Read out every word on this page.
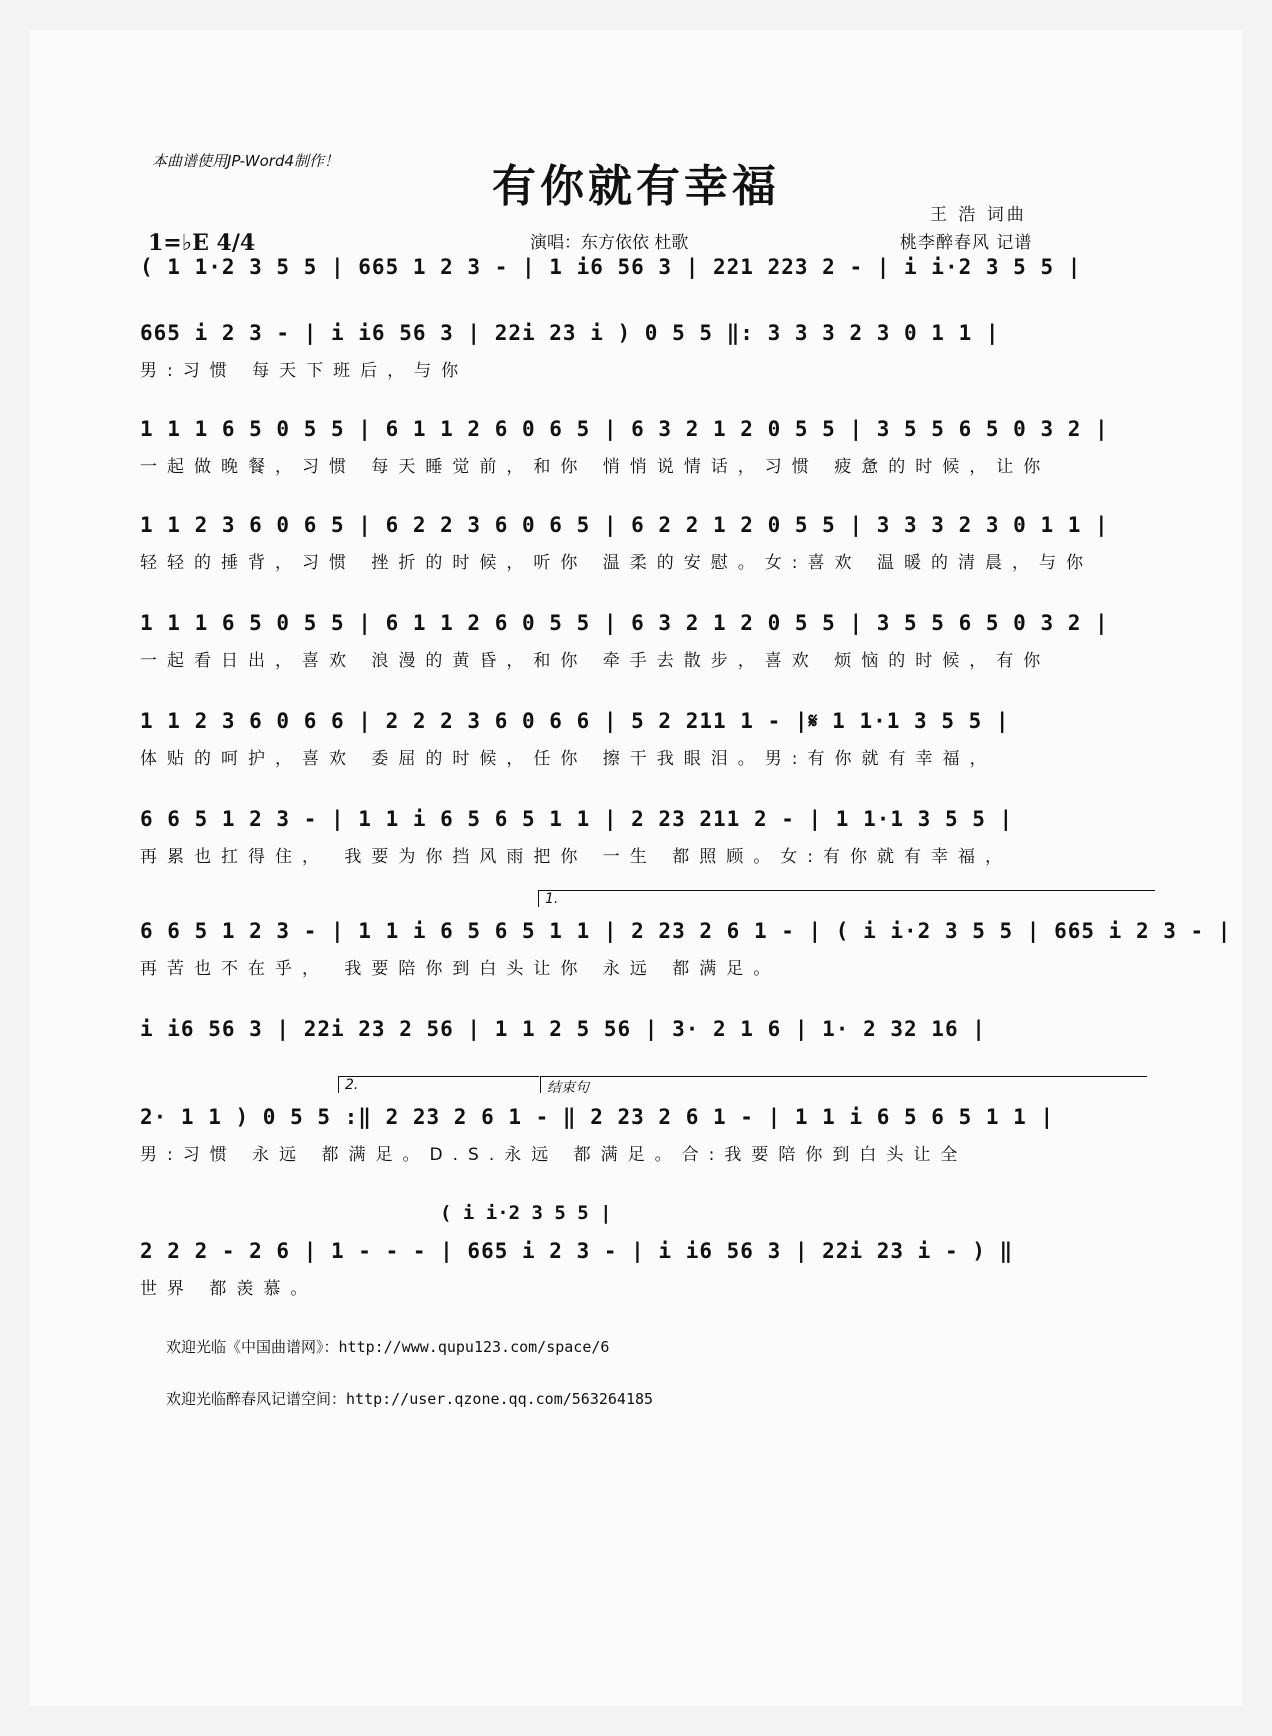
本曲谱使用JP-Word4制作！	有你就有幸福
王 浩 词曲
1=♭E 4/4	演唱：东方依依 杜歌	桃李醉春风 记谱
( 1 1·2 3 5 5 | 665 1 2 3 - | 1 i6 56 3 | 221 223 2 - | i i·2 3 5 5 |
665 i 2 3 - | i i6 56 3 | 22i 23 i ) 0 5 5 ‖: 3 3 3 2 3 0 1 1 |
男:习惯 每天下班后，与你
1 1 1 6 5 0 5 5 | 6 1 1 2 6 0 6 5 | 6 3 2 1 2 0 5 5 | 3 5 5 6 5 0 3 2 |
一起做晚餐，习惯 每天睡觉前，和你 悄悄说情话，习惯 疲惫的时候，让你
1 1 2 3 6 0 6 5 | 6 2 2 3 6 0 6 5 | 6 2 2 1 2 0 5 5 | 3 3 3 2 3 0 1 1 |
轻轻的捶背，习惯 挫折的时候，听你 温柔的安慰。女:喜欢 温暖的清晨，与你
1 1 1 6 5 0 5 5 | 6 1 1 2 6 0 5 5 | 6 3 2 1 2 0 5 5 | 3 5 5 6 5 0 3 2 |
一起看日出，喜欢 浪漫的黄昏，和你 牵手去散步，喜欢 烦恼的时候，有你
1 1 2 3 6 0 6 6 | 2 2 2 3 6 0 6 6 | 5 2 211 1 - |𝄋 1 1·1 3 5 5 |
体贴的呵护，喜欢 委屈的时候，任你 擦干我眼泪。男:有你就有幸福，
6 6 5 1 2 3 - | 1 1 i 6 5 6 5 1 1 | 2 23 211 2 - | 1 1·1 3 5 5 |
再累也扛得住， 我要为你挡风雨把你 一生 都照顾。女:有你就有幸福，
1.
6 6 5 1 2 3 - | 1 1 i 6 5 6 5 1 1 | 2 23 2 6 1 - | ( i i·2 3 5 5 | 665 i 2 3 - |
再苦也不在乎， 我要陪你到白头让你 永远 都满足。
i i6 56 3 | 22i 23 2 56 | 1 1 2 5 56 | 3· 2 1 6 | 1· 2 32 16 |
2.	结束句
2· 1 1 ) 0 5 5 :‖ 2 23 2 6 1 - ‖ 2 23 2 6 1 - | 1 1 i 6 5 6 5 1 1 |
男:习惯 永远 都满足。D.S.永远 都满足。合:我要陪你到白头让全
( i i·2 3 5 5 |
2 2 2 - 2 6 | 1 - - - | 665 i 2 3 - | i i6 56 3 | 22i 23 i - ) ‖
世界 都羡慕。
欢迎光临《中国曲谱网》：http://www.qupu123.com/space/6
欢迎光临醉春风记谱空间：http://user.qzone.qq.com/563264185
